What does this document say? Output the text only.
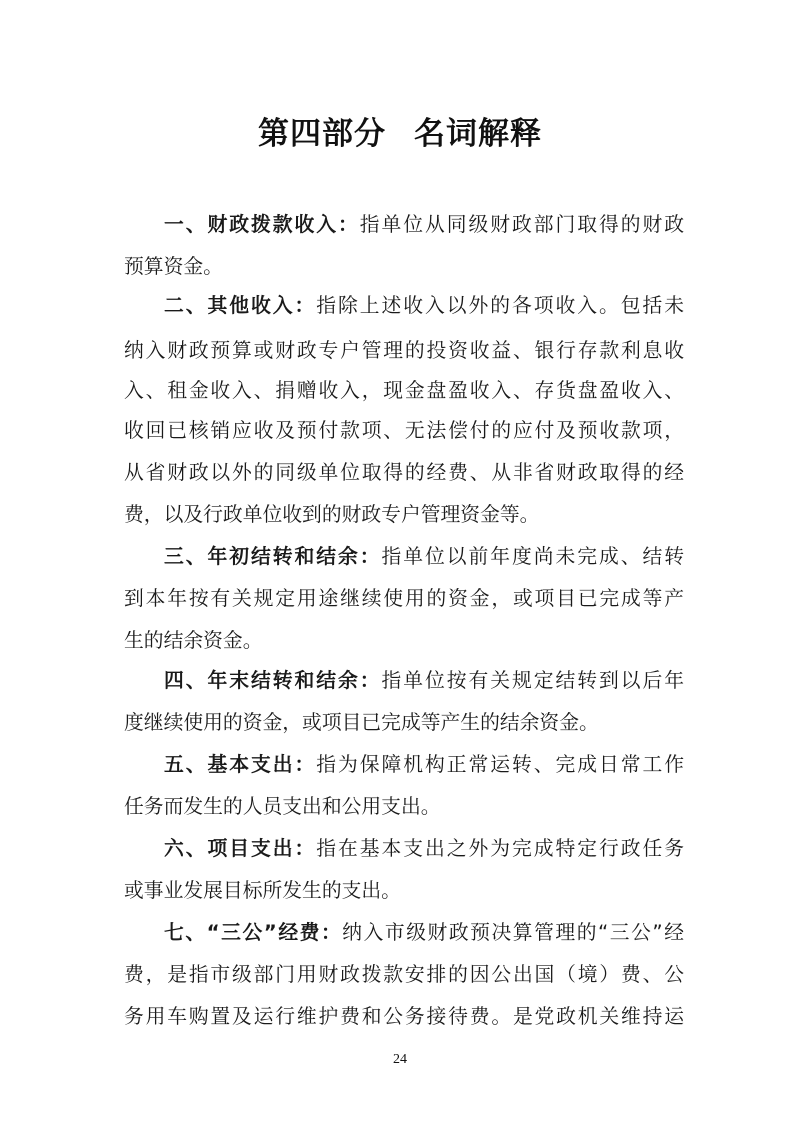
第四部分 名词解释
一、财政拨款收入：指单位从同级财政部门取得的财政
预算资金。
二、其他收入：指除上述收入以外的各项收入。包括未
纳入财政预算或财政专户管理的投资收益、银行存款利息收
入、租金收入、捐赠收入，现金盘盈收入、存货盘盈收入、
收回已核销应收及预付款项、无法偿付的应付及预收款项，
从省财政以外的同级单位取得的经费、从非省财政取得的经
费，以及行政单位收到的财政专户管理资金等。
三、年初结转和结余：指单位以前年度尚未完成、结转
到本年按有关规定用途继续使用的资金，或项目已完成等产
生的结余资金。
四、年末结转和结余：指单位按有关规定结转到以后年
度继续使用的资金，或项目已完成等产生的结余资金。
五、基本支出：指为保障机构正常运转、完成日常工作
任务而发生的人员支出和公用支出。
六、项目支出：指在基本支出之外为完成特定行政任务
或事业发展目标所发生的支出。
七、“三公”经费：纳入市级财政预决算管理的“三公”经
费，是指市级部门用财政拨款安排的因公出国（境）费、公
务用车购置及运行维护费和公务接待费。是党政机关维持运
24
